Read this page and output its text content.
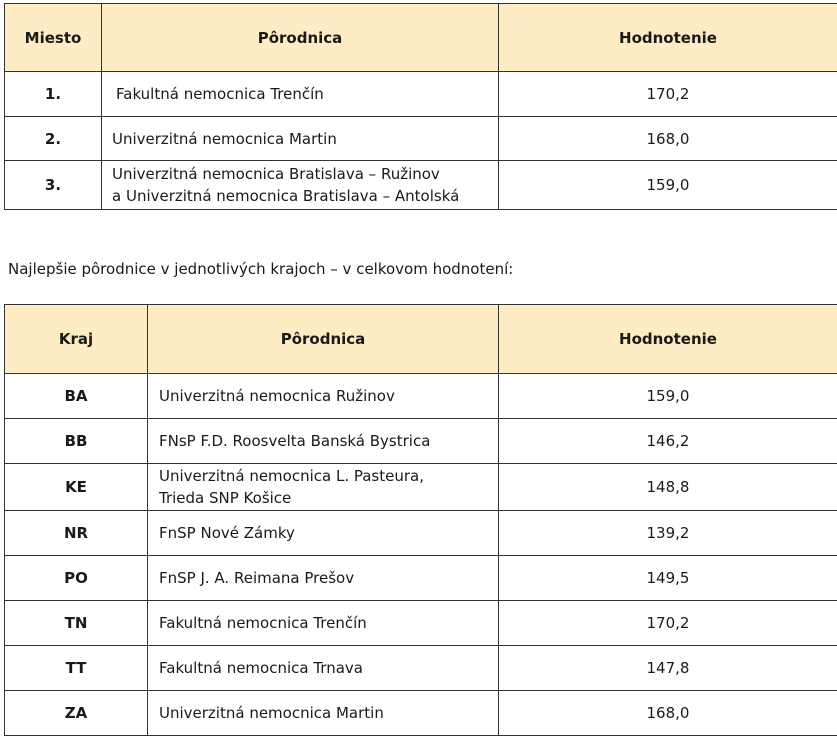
Miesto	Pôrodnica	Hodnotenie
1.	Fakultná nemocnica Trenčín	170,2
2.	Univerzitná nemocnica Martin	168,0
3.	Univerzitná nemocnica Bratislava – Ružinov
a Univerzitná nemocnica Bratislava – Antolská	159,0
Najlepšie pôrodnice v jednotlivých krajoch – v celkovom hodnotení:
Kraj	Pôrodnica	Hodnotenie
BA	Univerzitná nemocnica Ružinov	159,0
BB	FNsP F.D. Roosvelta Banská Bystrica	146,2
KE	Univerzitná nemocnica L. Pasteura,
Trieda SNP Košice	148,8
NR	FnSP Nové Zámky	139,2
PO	FnSP J. A. Reimana Prešov	149,5
TN	Fakultná nemocnica Trenčín	170,2
TT	Fakultná nemocnica Trnava	147,8
ZA	Univerzitná nemocnica Martin	168,0
